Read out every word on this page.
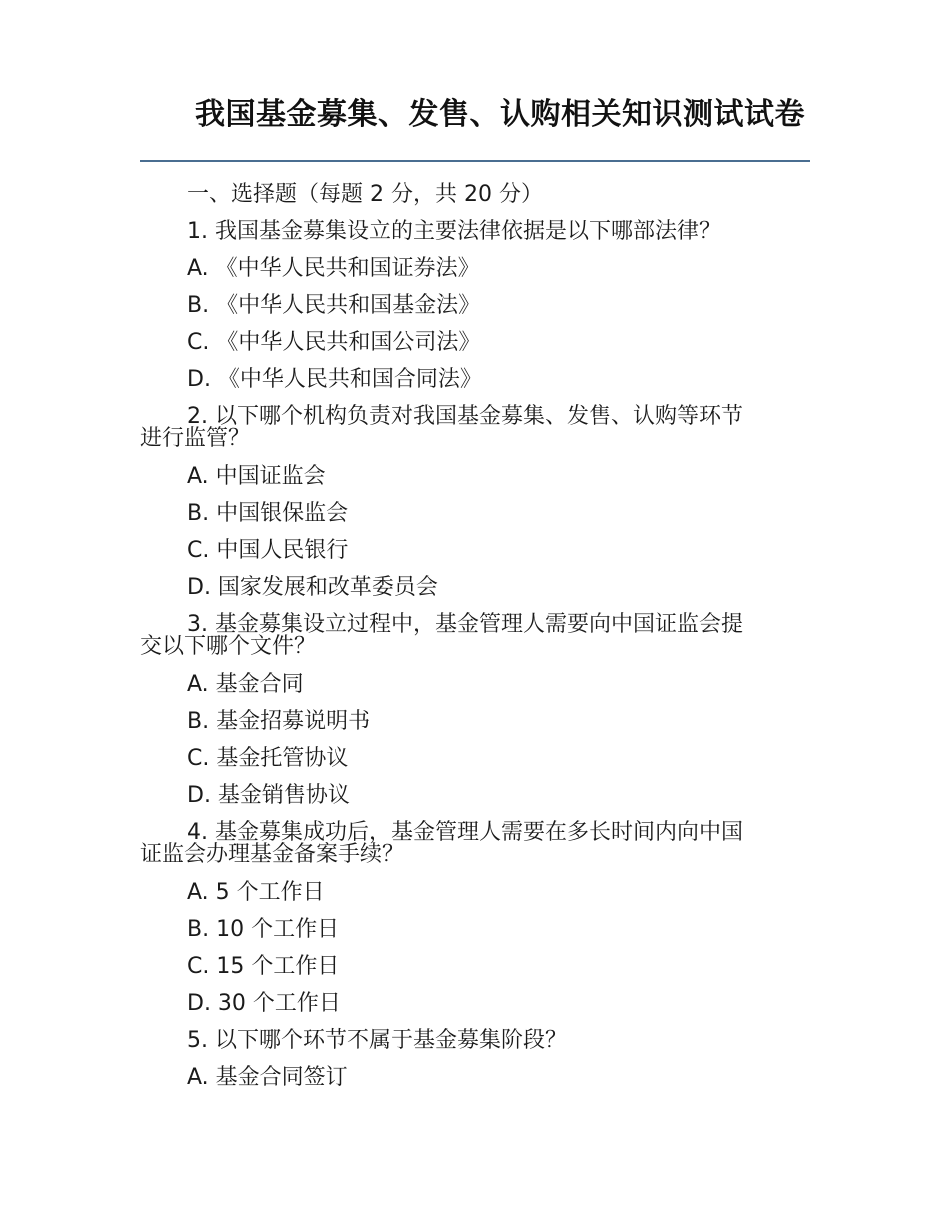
我国基金募集、发售、认购相关知识测试试卷
一、选择题（每题 2 分，共 20 分）
1. 我国基金募集设立的主要法律依据是以下哪部法律？
A. 《中华人民共和国证券法》
B. 《中华人民共和国基金法》
C. 《中华人民共和国公司法》
D. 《中华人民共和国合同法》
2. 以下哪个机构负责对我国基金募集、发售、认购等环节
进行监管？
A. 中国证监会
B. 中国银保监会
C. 中国人民银行
D. 国家发展和改革委员会
3. 基金募集设立过程中，基金管理人需要向中国证监会提
交以下哪个文件？
A. 基金合同
B. 基金招募说明书
C. 基金托管协议
D. 基金销售协议
4. 基金募集成功后，基金管理人需要在多长时间内向中国
证监会办理基金备案手续？
A. 5 个工作日
B. 10 个工作日
C. 15 个工作日
D. 30 个工作日
5. 以下哪个环节不属于基金募集阶段？
A. 基金合同签订
